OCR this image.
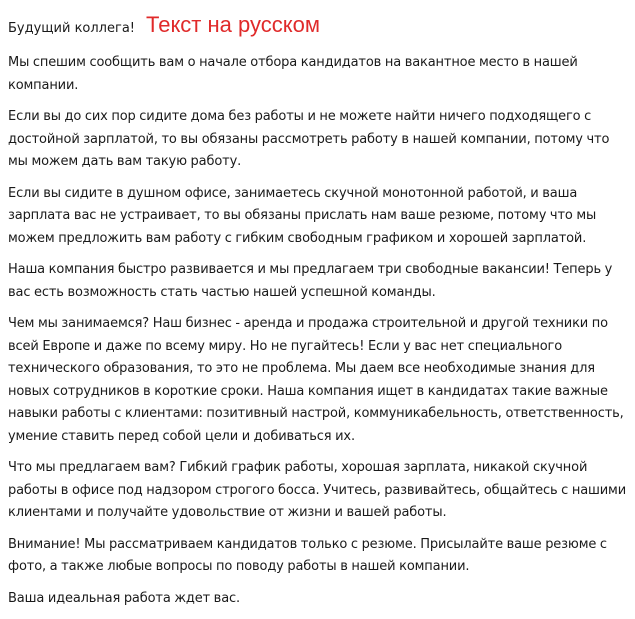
Будущий коллега! Текст на русском

Мы спешим сообщить вам о начале отбора кандидатов на вакантное место в нашей компании.

Если вы до сих пор сидите дома без работы и не можете найти ничего подходящего с достойной зарплатой, то вы обязаны рассмотреть работу в нашей компании, потому что мы можем дать вам такую работу.

Если вы сидите в душном офисе, занимаетесь скучной монотонной работой, и ваша зарплата вас не устраивает, то вы обязаны прислать нам ваше резюме, потому что мы можем предложить вам работу с гибким свободным графиком и хорошей зарплатой.

Наша компания быстро развивается и мы предлагаем три свободные вакансии! Теперь у вас есть возможность стать частью нашей успешной команды.

Чем мы занимаемся? Наш бизнес - аренда и продажа строительной и другой техники по всей Европе и даже по всему миру. Но не пугайтесь! Если у вас нет специального технического образования, то это не проблема. Мы даем все необходимые знания для новых сотрудников в короткие сроки. Наша компания ищет в кандидатах такие важные навыки работы с клиентами: позитивный настрой, коммуникабельность, ответственность, умение ставить перед собой цели и добиваться их.

Что мы предлагаем вам? Гибкий график работы, хорошая зарплата, никакой скучной работы в офисе под надзором строгого босса. Учитесь, развивайтесь, общайтесь с нашими клиентами и получайте удовольствие от жизни и вашей работы.

Внимание! Мы рассматриваем кандидатов только с резюме. Присылайте ваше резюме с фото, а также любые вопросы по поводу работы в нашей компании.

Ваша идеальная работа ждет вас.
